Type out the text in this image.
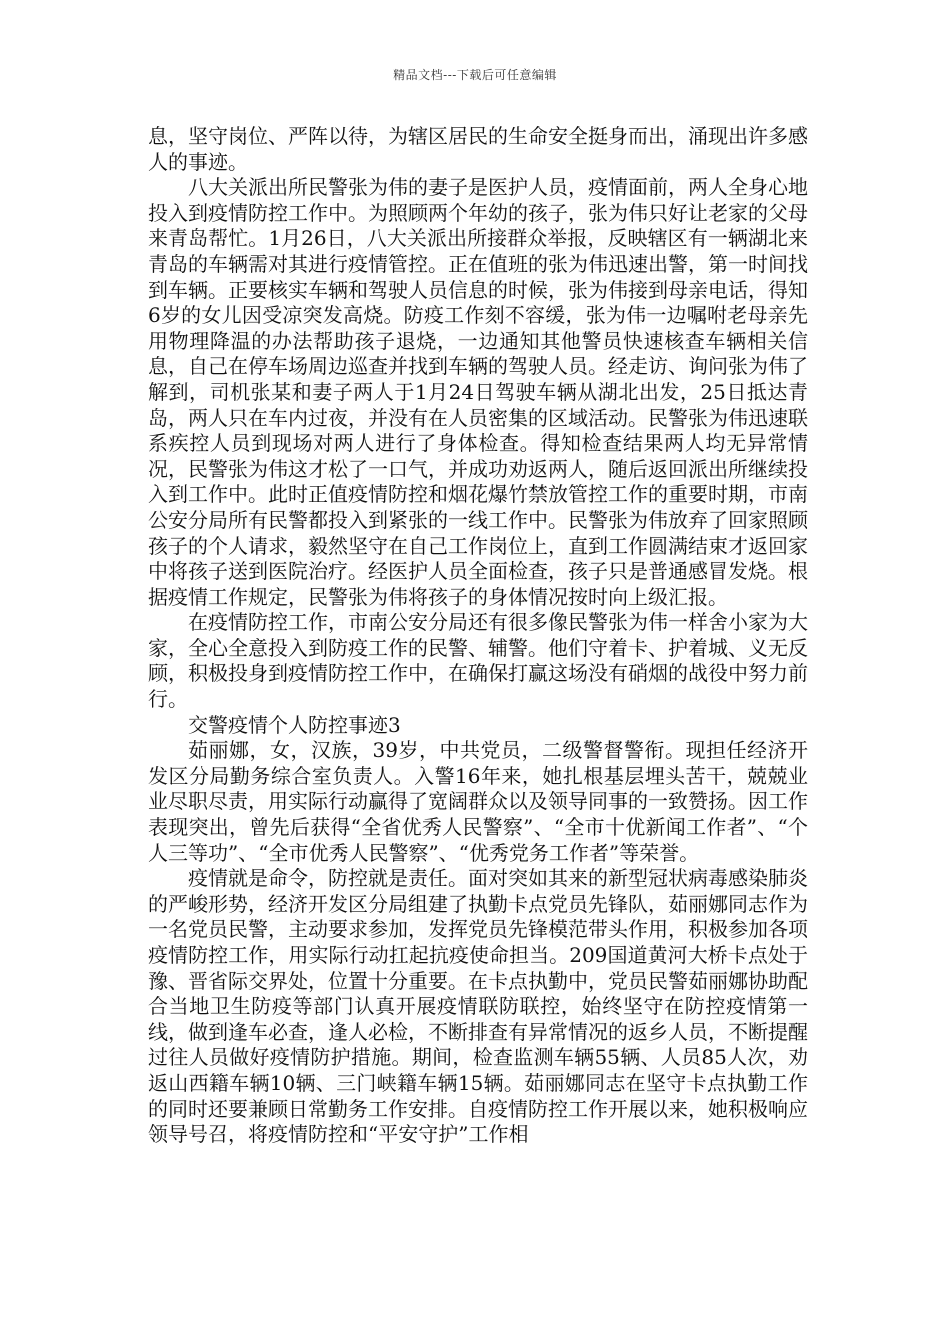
精品文档---下载后可任意编辑

息，坚守岗位、严阵以待，为辖区居民的生命安全挺身而出，涌现出许多感人的事迹。

八大关派出所民警张为伟的妻子是医护人员，疫情面前，两人全身心地投入到疫情防控工作中。为照顾两个年幼的孩子，张为伟只好让老家的父母来青岛帮忙。1月26日，八大关派出所接群众举报，反映辖区有一辆湖北来青岛的车辆需对其进行疫情管控。正在值班的张为伟迅速出警，第一时间找到车辆。正要核实车辆和驾驶人员信息的时候，张为伟接到母亲电话，得知6岁的女儿因受凉突发高烧。防疫工作刻不容缓，张为伟一边嘱咐老母亲先用物理降温的办法帮助孩子退烧，一边通知其他警员快速核查车辆相关信息，自己在停车场周边巡查并找到车辆的驾驶人员。经走访、询问张为伟了解到，司机张某和妻子两人于1月24日驾驶车辆从湖北出发，25日抵达青岛，两人只在车内过夜，并没有在人员密集的区域活动。民警张为伟迅速联系疾控人员到现场对两人进行了身体检查。得知检查结果两人均无异常情况，民警张为伟这才松了一口气，并成功劝返两人，随后返回派出所继续投入到工作中。此时正值疫情防控和烟花爆竹禁放管控工作的重要时期，市南公安分局所有民警都投入到紧张的一线工作中。民警张为伟放弃了回家照顾孩子的个人请求，毅然坚守在自己工作岗位上，直到工作圆满结束才返回家中将孩子送到医院治疗。经医护人员全面检查，孩子只是普通感冒发烧。根据疫情工作规定，民警张为伟将孩子的身体情况按时向上级汇报。

在疫情防控工作，市南公安分局还有很多像民警张为伟一样舍小家为大家，全心全意投入到防疫工作的民警、辅警。他们守着卡、护着城、义无反顾，积极投身到疫情防控工作中，在确保打赢这场没有硝烟的战役中努力前行。

交警疫情个人防控事迹3

茹丽娜，女，汉族，39岁，中共党员，二级警督警衔。现担任经济开发区分局勤务综合室负责人。入警16年来，她扎根基层埋头苦干，兢兢业业尽职尽责，用实际行动赢得了宽阔群众以及领导同事的一致赞扬。因工作表现突出，曾先后获得“全省优秀人民警察”、“全市十优新闻工作者”、“个人三等功”、“全市优秀人民警察”、“优秀党务工作者”等荣誉。

疫情就是命令，防控就是责任。面对突如其来的新型冠状病毒感染肺炎的严峻形势，经济开发区分局组建了执勤卡点党员先锋队，茹丽娜同志作为一名党员民警，主动要求参加，发挥党员先锋模范带头作用，积极参加各项疫情防控工作，用实际行动扛起抗疫使命担当。209国道黄河大桥卡点处于豫、晋省际交界处，位置十分重要。在卡点执勤中，党员民警茹丽娜协助配合当地卫生防疫等部门认真开展疫情联防联控，始终坚守在防控疫情第一线，做到逢车必查，逢人必检，不断排查有异常情况的返乡人员，不断提醒过往人员做好疫情防护措施。期间，检查监测车辆55辆、人员85人次，劝返山西籍车辆10辆、三门峡籍车辆15辆。茹丽娜同志在坚守卡点执勤工作的同时还要兼顾日常勤务工作安排。自疫情防控工作开展以来，她积极响应领导号召，将疫情防控和“平安守护”工作相
